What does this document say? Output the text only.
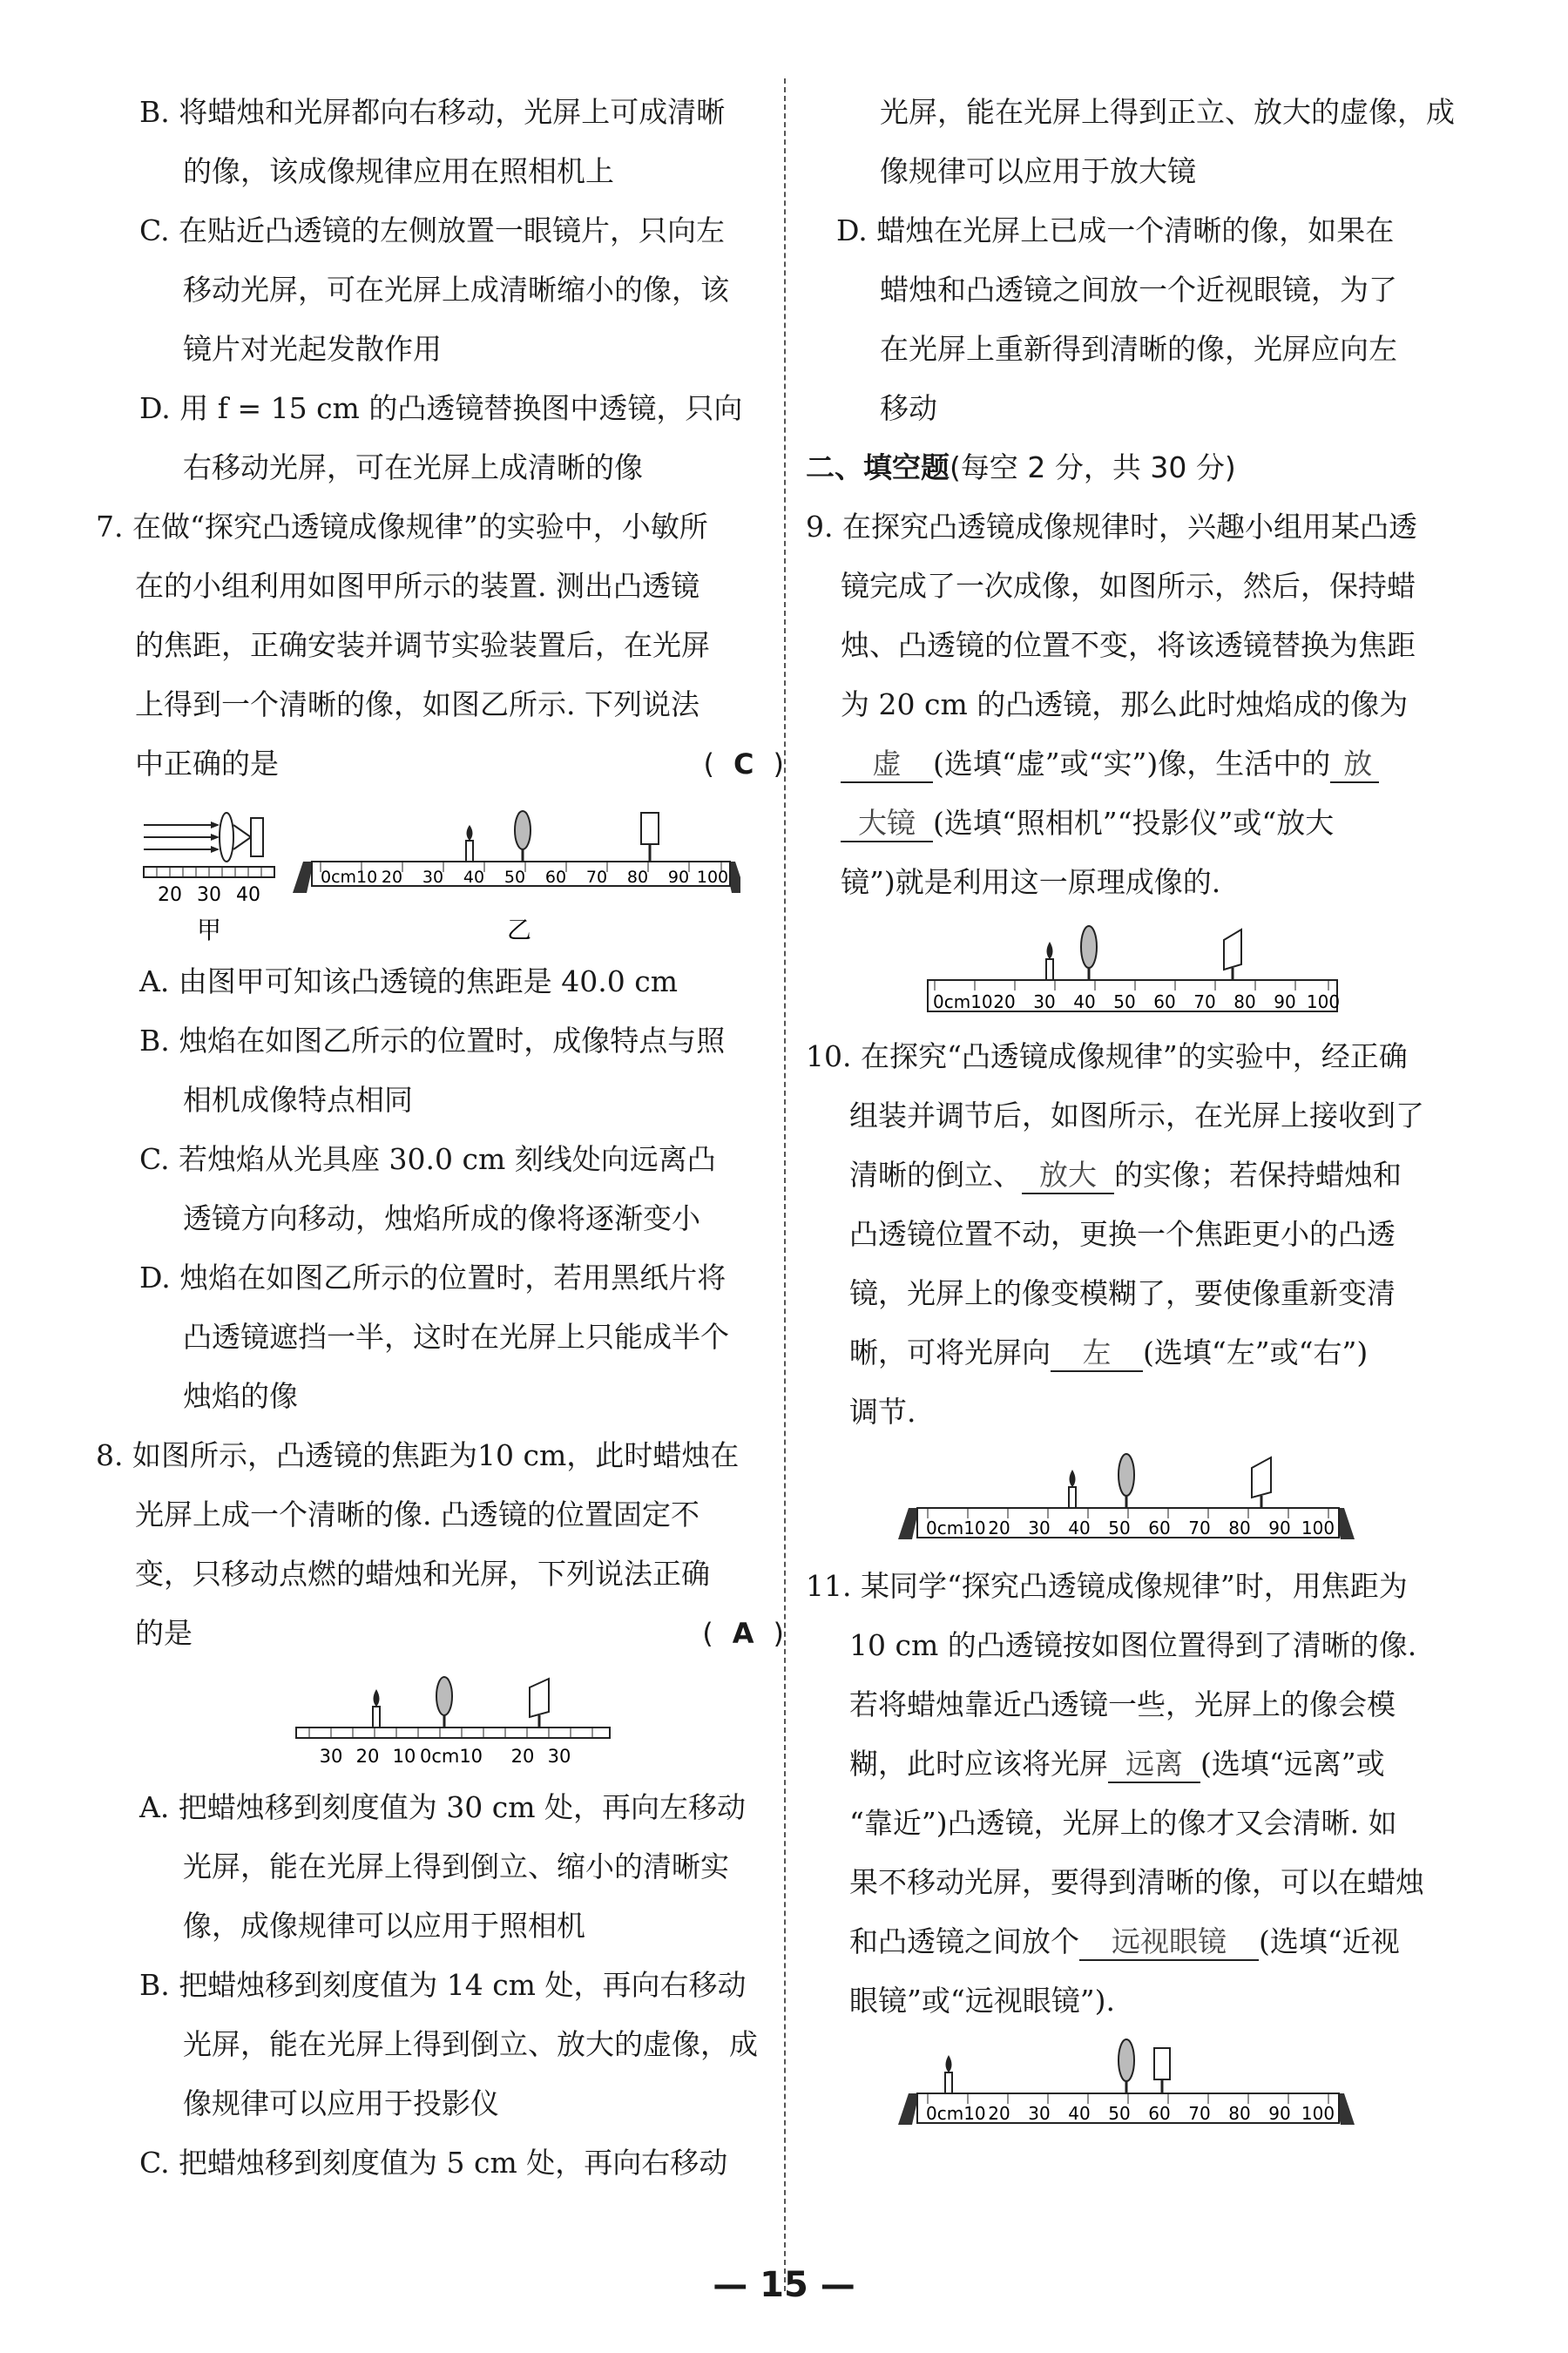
B. 将蜡烛和光屏都向右移动，光屏上可成清晰
的像，该成像规律应用在照相机上
C. 在贴近凸透镜的左侧放置一眼镜片，只向左
移动光屏，可在光屏上成清晰缩小的像，该
镜片对光起发散作用
D. 用 f = 15 cm 的凸透镜替换图中透镜，只向
右移动光屏，可在光屏上成清晰的像
7. 在做“探究凸透镜成像规律”的实验中，小敏所
在的小组利用如图甲所示的装置. 测出凸透镜
的焦距，正确安装并调节实验装置后，在光屏
上得到一个清晰的像，如图乙所示. 下列说法
中正确的是	( C )
20 30 40
甲
0cm10 20 30 40 50 60 70 80 90 100
乙
A. 由图甲可知该凸透镜的焦距是 40.0 cm
B. 烛焰在如图乙所示的位置时，成像特点与照
相机成像特点相同
C. 若烛焰从光具座 30.0 cm 刻线处向远离凸
透镜方向移动，烛焰所成的像将逐渐变小
D. 烛焰在如图乙所示的位置时，若用黑纸片将
凸透镜遮挡一半，这时在光屏上只能成半个
烛焰的像
8. 如图所示，凸透镜的焦距为10 cm，此时蜡烛在
光屏上成一个清晰的像. 凸透镜的位置固定不
变，只移动点燃的蜡烛和光屏，下列说法正确
的是	( A )
30 20 10 0cm10 20 30
A. 把蜡烛移到刻度值为 30 cm 处，再向左移动
光屏，能在光屏上得到倒立、缩小的清晰实
像，成像规律可以应用于照相机
B. 把蜡烛移到刻度值为 14 cm 处，再向右移动
光屏，能在光屏上得到倒立、放大的虚像，成
像规律可以应用于投影仪
C. 把蜡烛移到刻度值为 5 cm 处，再向右移动
光屏，能在光屏上得到正立、放大的虚像，成
像规律可以应用于放大镜
D. 蜡烛在光屏上已成一个清晰的像，如果在
蜡烛和凸透镜之间放一个近视眼镜，为了
在光屏上重新得到清晰的像，光屏应向左
移动
二、填空题(每空 2 分，共 30 分)
9. 在探究凸透镜成像规律时，兴趣小组用某凸透
镜完成了一次成像，如图所示，然后，保持蜡
烛、凸透镜的位置不变，将该透镜替换为焦距
为 20 cm 的凸透镜，那么此时烛焰成的像为
虚 (选填“虚”或“实”)像，生活中的 放
大镜 (选填“照相机”“投影仪”或“放大
镜”)就是利用这一原理成像的.
0cm10 20 30 40 50 60 70 80 90 100
10. 在探究“凸透镜成像规律”的实验中，经正确
组装并调节后，如图所示，在光屏上接收到了
清晰的倒立、 放大 的实像；若保持蜡烛和
凸透镜位置不动，更换一个焦距更小的凸透
镜，光屏上的像变模糊了，要使像重新变清
晰，可将光屏向 左 (选填“左”或“右”)
调节.
0cm10 20 30 40 50 60 70 80 90 100
11. 某同学“探究凸透镜成像规律”时，用焦距为
10 cm 的凸透镜按如图位置得到了清晰的像.
若将蜡烛靠近凸透镜一些，光屏上的像会模
糊，此时应该将光屏 远离 (选填“远离”或
“靠近”)凸透镜，光屏上的像才又会清晰. 如
果不移动光屏，要得到清晰的像，可以在蜡烛
和凸透镜之间放个 远视眼镜 (选填“近视
眼镜”或“远视眼镜”).
0cm10 20 30 40 50 60 70 80 90 100
— 15 —
